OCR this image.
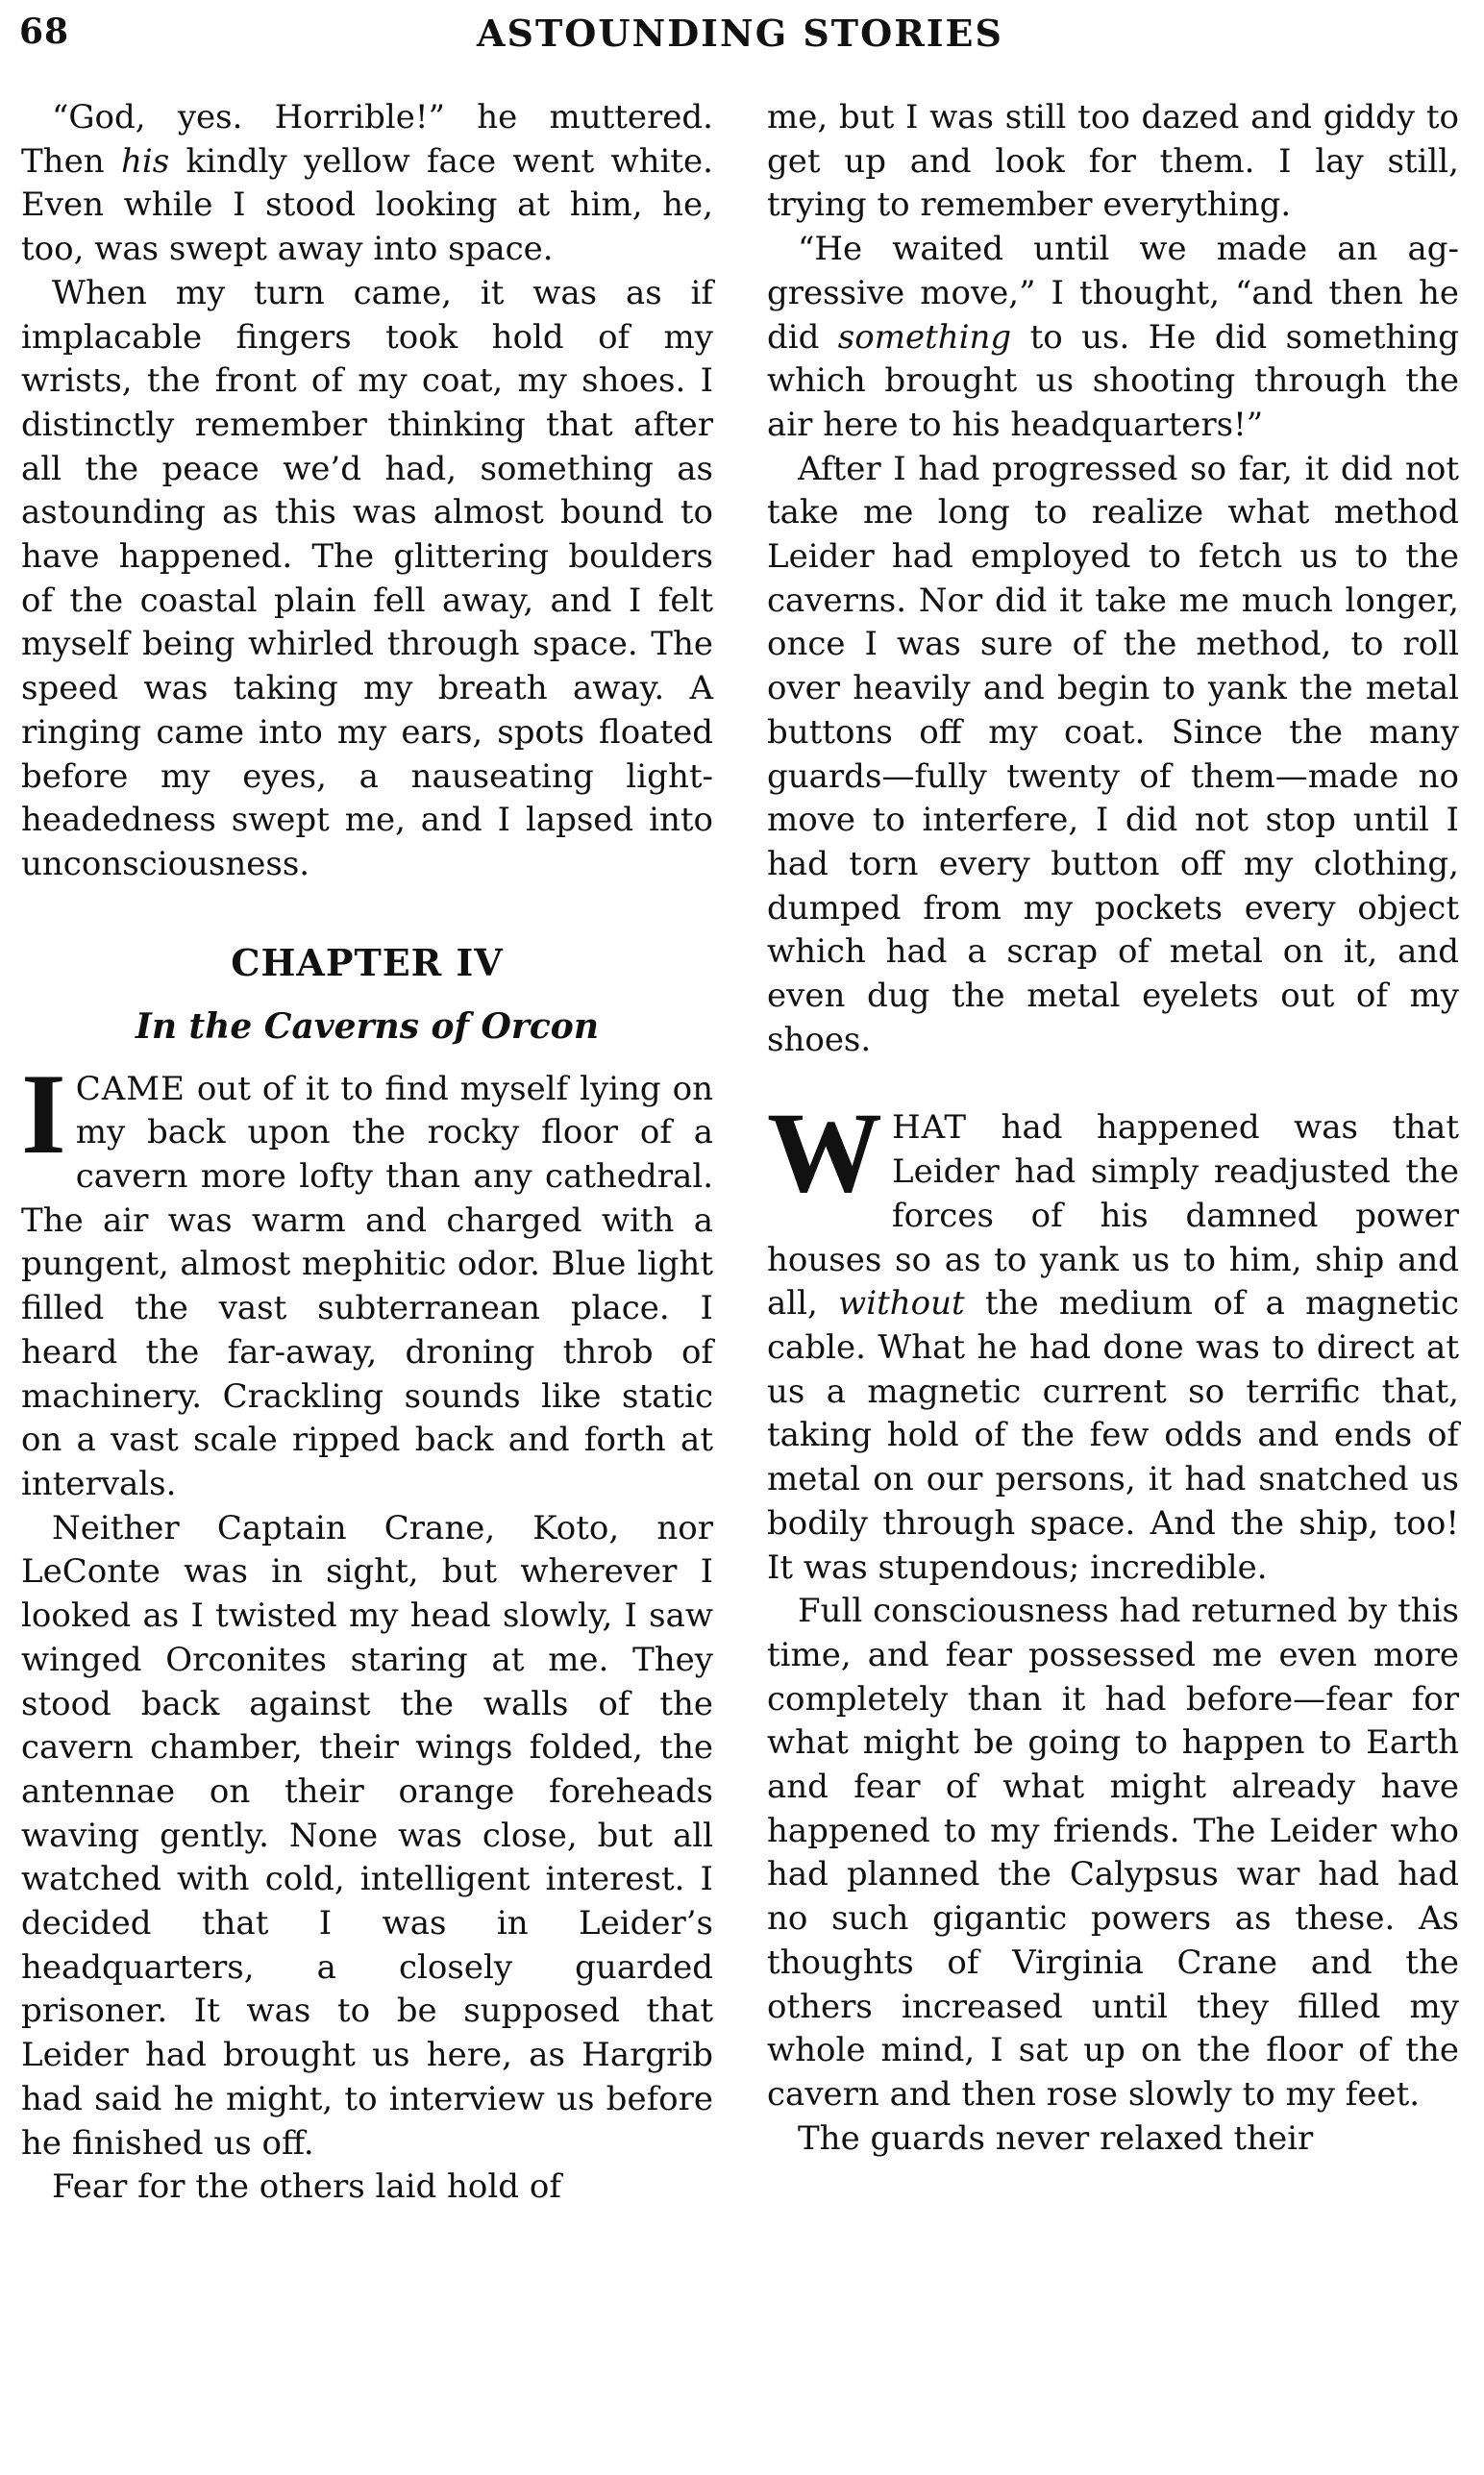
68	ASTOUNDING STORIES

“God, yes. Horrible!” he muttered. Then his kindly yellow face went white. Even while I stood looking at him, he, too, was swept away into space.

When my turn came, it was as if implacable fingers took hold of my wrists, the front of my coat, my shoes. I distinctly remember thinking that after all the peace we’d had, something as astounding as this was almost bound to have happened. The glittering boulders of the coastal plain fell away, and I felt myself being whirled through space. The speed was taking my breath away. A ringing came into my ears, spots floated before my eyes, a nauseating light-headedness swept me, and I lapsed into unconsciousness.

CHAPTER IV
In the Caverns of Orcon

ICAME out of it to find myself lying on my back upon the rocky floor of a cavern more lofty than any cathedral. The air was warm and charged with a pungent, almost mephitic odor. Blue light filled the vast subterranean place. I heard the far-away, droning throb of machinery. Crackling sounds like static on a vast scale ripped back and forth at intervals.

Neither Captain Crane, Koto, nor LeConte was in sight, but wherever I looked as I twisted my head slowly, I saw winged Orconites staring at me. They stood back against the walls of the cavern chamber, their wings folded, the antennae on their orange foreheads waving gently. None was close, but all watched with cold, intelligent interest. I decided that I was in Leider’s headquarters, a closely guarded prisoner. It was to be supposed that Leider had brought us here, as Hargrib had said he might, to interview us before he finished us off.

Fear for the others laid hold of

me, but I was still too dazed and giddy to get up and look for them. I lay still, trying to remember everything.

“He waited until we made an aggressive move,” I thought, “and then he did something to us. He did something which brought us shooting through the air here to his headquarters!”

After I had progressed so far, it did not take me long to realize what method Leider had employed to fetch us to the caverns. Nor did it take me much longer, once I was sure of the method, to roll over heavily and begin to yank the metal buttons off my coat. Since the many guards—fully twenty of them—made no move to interfere, I did not stop until I had torn every button off my clothing, dumped from my pockets every object which had a scrap of metal on it, and even dug the metal eyelets out of my shoes.

WHAT had happened was that Leider had simply readjusted the forces of his damned power houses so as to yank us to him, ship and all, without the medium of a magnetic cable. What he had done was to direct at us a magnetic current so terrific that, taking hold of the few odds and ends of metal on our persons, it had snatched us bodily through space. And the ship, too! It was stupendous; incredible.

Full consciousness had returned by this time, and fear possessed me even more completely than it had before—fear for what might be going to happen to Earth and fear of what might already have happened to my friends. The Leider who had planned the Calypsus war had had no such gigantic powers as these. As thoughts of Virginia Crane and the others increased until they filled my whole mind, I sat up on the floor of the cavern and then rose slowly to my feet.

The guards never relaxed their
